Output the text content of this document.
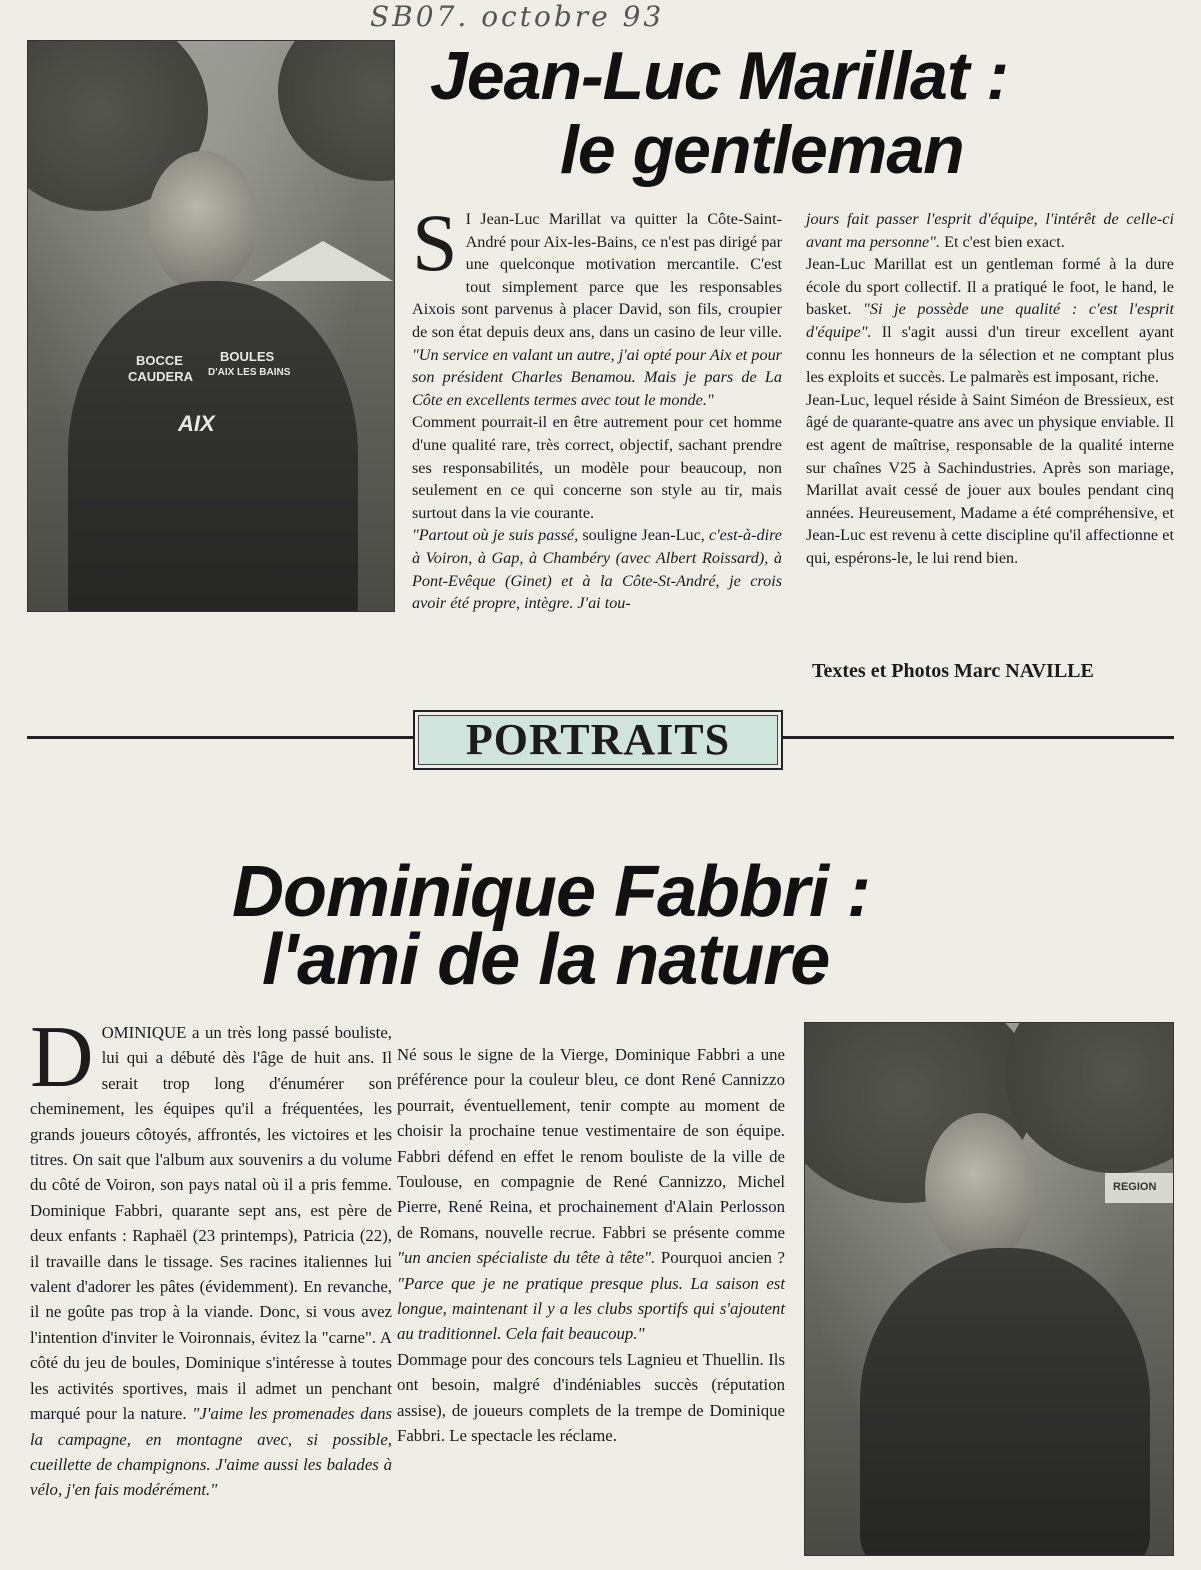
SB07. octobre 93
BOCCE
CAUDERA
BOULES
D'AIX LES BAINS
AIX
Jean-Luc Marillat :
le gentleman

S I Jean-Luc Marillat va quitter la Côte-Saint-André pour Aix-les-Bains, ce n'est pas dirigé par une quelconque motivation mercantile. C'est tout simplement parce que les responsables Aixois sont parvenus à placer David, son fils, croupier de son état depuis deux ans, dans un casino de leur ville. "Un service en valant un autre, j'ai opté pour Aix et pour son président Charles Benamou. Mais je pars de La Côte en excellents termes avec tout le monde."

Comment pourrait-il en être autrement pour cet homme d'une qualité rare, très correct, objectif, sachant prendre ses responsabilités, un modèle pour beaucoup, non seulement en ce qui concerne son style au tir, mais surtout dans la vie courante.

"Partout où je suis passé, souligne Jean-Luc, c'est-à-dire à Voiron, à Gap, à Chambéry (avec Albert Roissard), à Pont-Evêque (Ginet) et à la Côte-St-André, je crois avoir été propre, intègre. J'ai tou-

jours fait passer l'esprit d'équipe, l'intérêt de celle-ci avant ma personne". Et c'est bien exact.

Jean-Luc Marillat est un gentleman formé à la dure école du sport collectif. Il a pratiqué le foot, le hand, le basket. "Si je possède une qualité : c'est l'esprit d'équipe". Il s'agit aussi d'un tireur excellent ayant connu les honneurs de la sélection et ne comptant plus les exploits et succès. Le palmarès est imposant, riche.

Jean-Luc, lequel réside à Saint Siméon de Bressieux, est âgé de quarante-quatre ans avec un physique enviable. Il est agent de maîtrise, responsable de la qualité interne sur chaînes V25 à Sachindustries. Après son mariage, Marillat avait cessé de jouer aux boules pendant cinq années. Heureusement, Madame a été compréhensive, et Jean-Luc est revenu à cette discipline qu'il affectionne et qui, espérons-le, le lui rend bien.

Textes et Photos Marc NAVILLE
PORTRAITS
Dominique Fabbri :
l'ami de la nature

DOMINIQUE a un très long passé bouliste, lui qui a débuté dès l'âge de huit ans. Il serait trop long d'énumérer son cheminement, les équipes qu'il a fréquentées, les grands joueurs côtoyés, affrontés, les victoires et les titres. On sait que l'album aux souvenirs a du volume du côté de Voiron, son pays natal où il a pris femme. Dominique Fabbri, quarante sept ans, est père de deux enfants : Raphaël (23 printemps), Patricia (22), il travaille dans le tissage. Ses racines italiennes lui valent d'adorer les pâtes (évidemment). En revanche, il ne goûte pas trop à la viande. Donc, si vous avez l'intention d'inviter le Voironnais, évitez la "carne". A côté du jeu de boules, Dominique s'intéresse à toutes les activités sportives, mais il admet un penchant marqué pour la nature. "J'aime les promenades dans la campagne, en montagne avec, si possible, cueillette de champignons. J'aime aussi les balades à vélo, j'en fais modérément."

Né sous le signe de la Vierge, Dominique Fabbri a une préférence pour la couleur bleu, ce dont René Cannizzo pourrait, éventuellement, tenir compte au moment de choisir la prochaine tenue vestimentaire de son équipe. Fabbri défend en effet le renom bouliste de la ville de Toulouse, en compagnie de René Cannizzo, Michel Pierre, René Reina, et prochainement d'Alain Perlosson de Romans, nouvelle recrue. Fabbri se présente comme "un ancien spécialiste du tête à tête". Pourquoi ancien ? "Parce que je ne pratique presque plus. La saison est longue, maintenant il y a les clubs sportifs qui s'ajoutent au traditionnel. Cela fait beaucoup."

Dommage pour des concours tels Lagnieu et Thuellin. Ils ont besoin, malgré d'indéniables succès (réputation assise), de joueurs complets de la trempe de Dominique Fabbri. Le spectacle les réclame.

REGION
